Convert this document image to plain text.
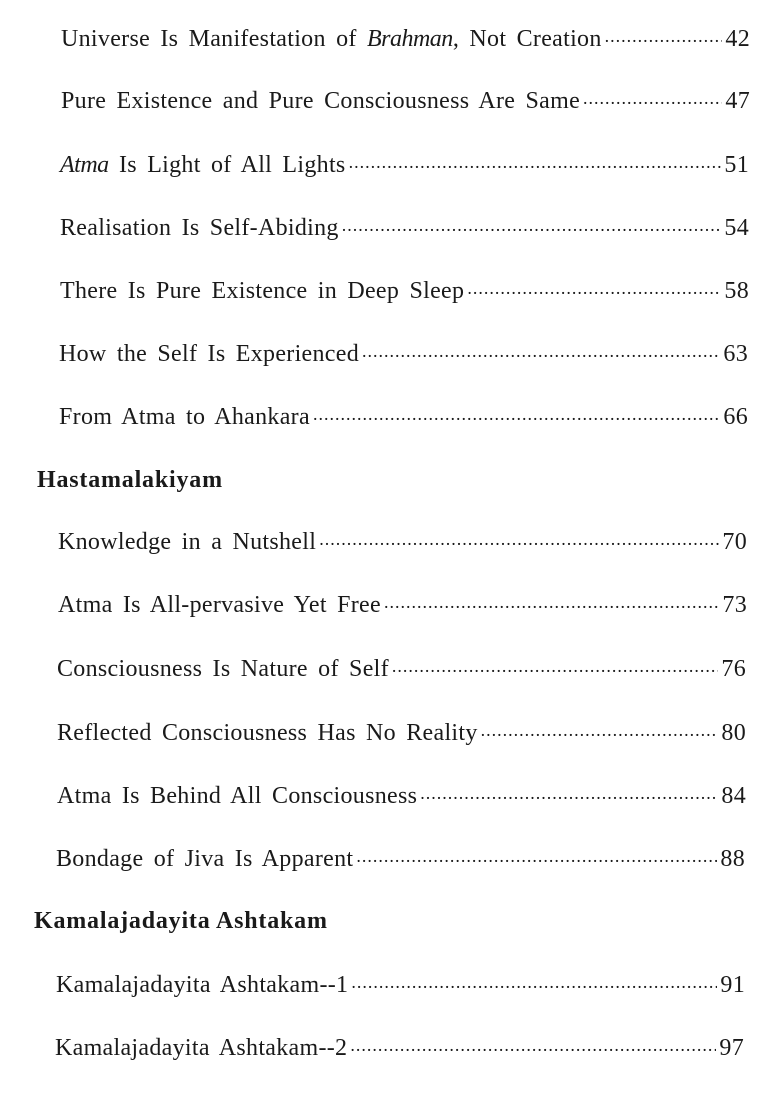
Universe Is Manifestation of Brahman, Not Creation .....	42
Pure Existence and Pure Consciousness Are Same .....	47
Atma Is Light of All Lights .....	51
Realisation Is Self-Abiding .....	54
There Is Pure Existence in Deep Sleep .....	58
How the Self Is Experienced .....	63
From Atma to Ahankara .....	66
Hastamalakiyam
Knowledge in a Nutshell .....	70
Atma Is All-pervasive Yet Free .....	73
Consciousness Is Nature of Self .....	76
Reflected Consciousness Has No Reality .....	80
Atma Is Behind All Consciousness .....	84
Bondage of Jiva Is Apparent .....	88
Kamalajadayita Ashtakam
Kamalajadayita Ashtakam--1 .....	91
Kamalajadayita Ashtakam--2 .....	97
